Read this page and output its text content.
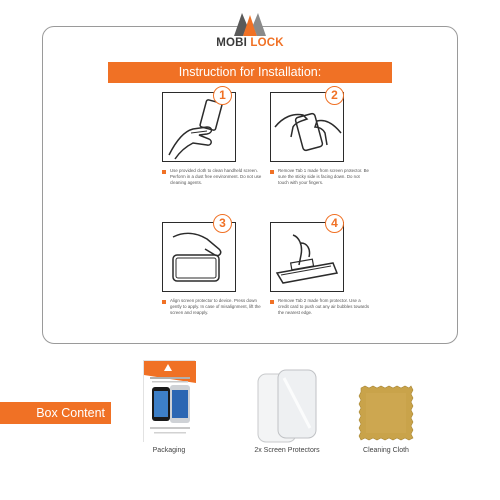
MOBI LOCK
Instruction for Installation:
1
Use provided cloth to clean handheld screen. Perform in a dust free environment. Do not use cleaning agents.
2
Remove Tab 1 made from screen protector. Be sure the sticky side is facing down. Do not touch with your fingers.
3
Align screen protector to device. Press down gently to apply. In case of misalignment, lift the screen and reapply.
4
Remove Tab 2 made from protector. Use a credit card to push out any air bubbles towards the nearest edge.
Box Content
Packaging	2x Screen Protectors	Cleaning Cloth
